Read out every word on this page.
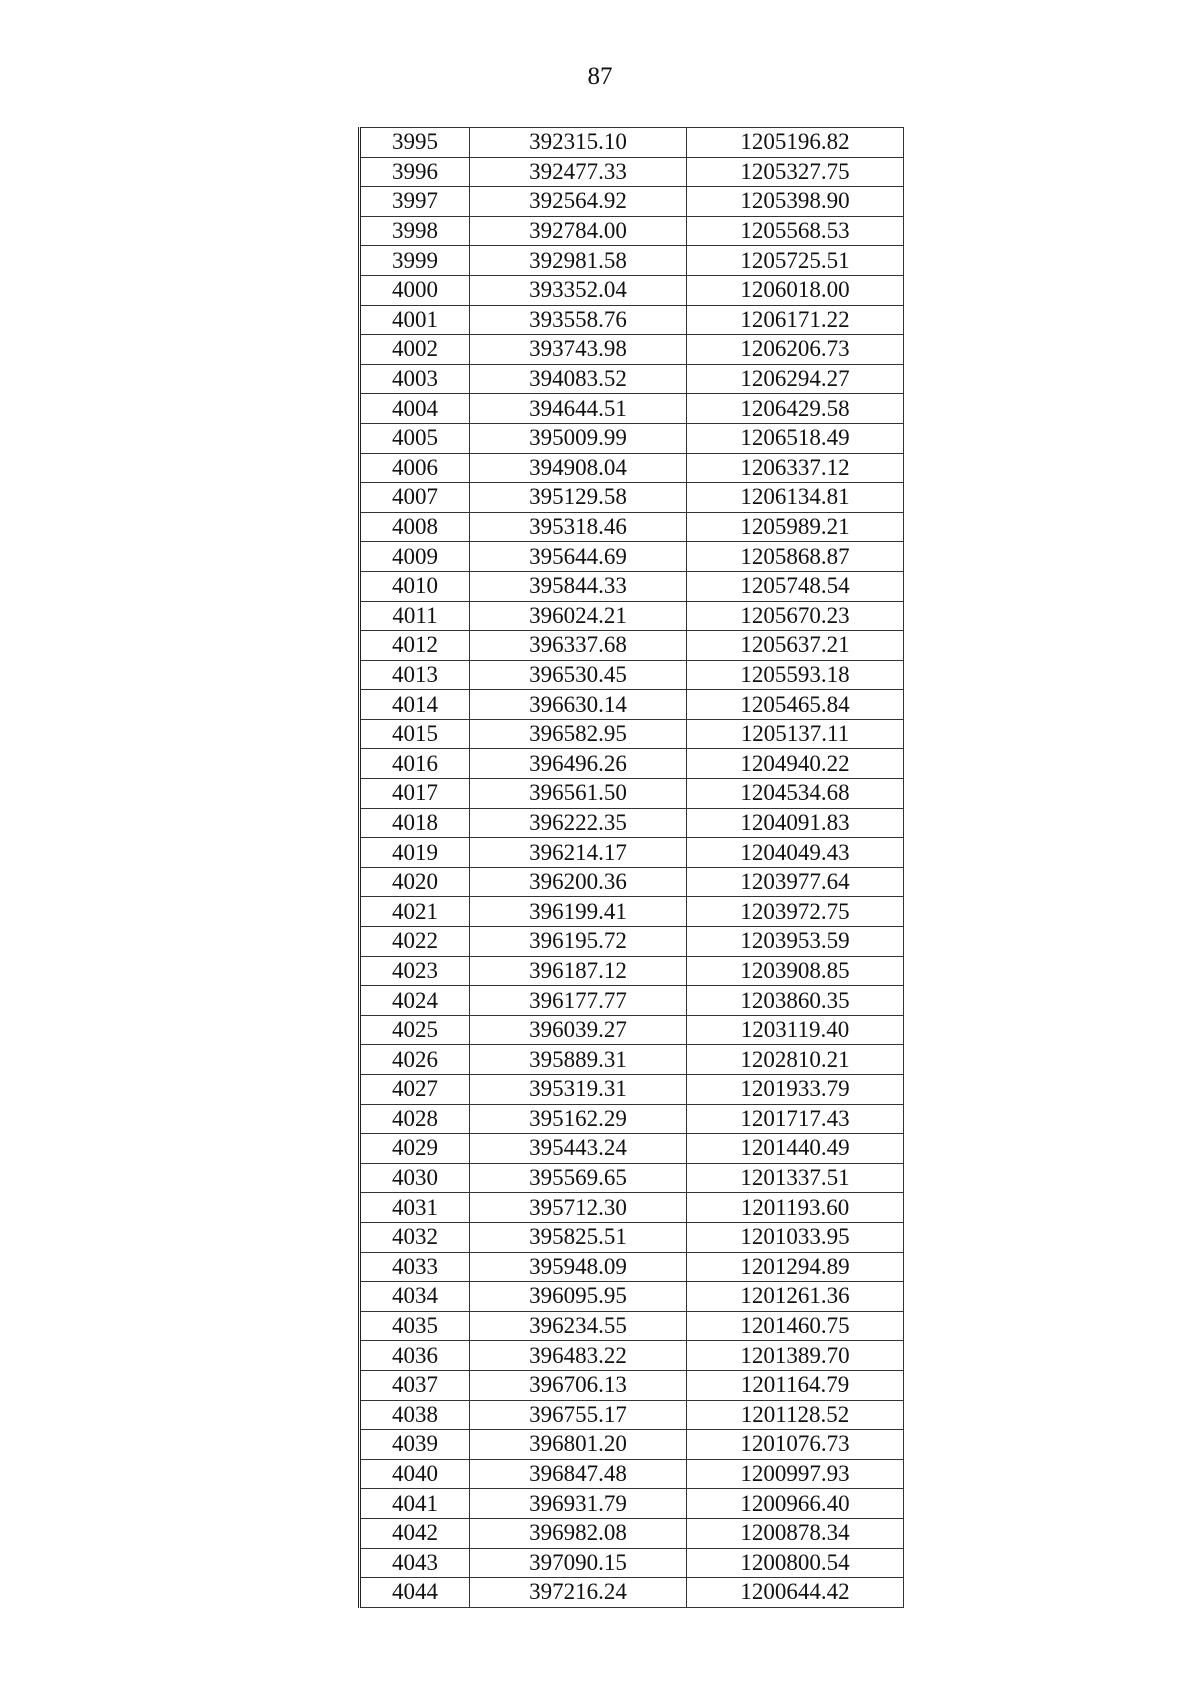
87
3995	392315.10	1205196.82
3996	392477.33	1205327.75
3997	392564.92	1205398.90
3998	392784.00	1205568.53
3999	392981.58	1205725.51
4000	393352.04	1206018.00
4001	393558.76	1206171.22
4002	393743.98	1206206.73
4003	394083.52	1206294.27
4004	394644.51	1206429.58
4005	395009.99	1206518.49
4006	394908.04	1206337.12
4007	395129.58	1206134.81
4008	395318.46	1205989.21
4009	395644.69	1205868.87
4010	395844.33	1205748.54
4011	396024.21	1205670.23
4012	396337.68	1205637.21
4013	396530.45	1205593.18
4014	396630.14	1205465.84
4015	396582.95	1205137.11
4016	396496.26	1204940.22
4017	396561.50	1204534.68
4018	396222.35	1204091.83
4019	396214.17	1204049.43
4020	396200.36	1203977.64
4021	396199.41	1203972.75
4022	396195.72	1203953.59
4023	396187.12	1203908.85
4024	396177.77	1203860.35
4025	396039.27	1203119.40
4026	395889.31	1202810.21
4027	395319.31	1201933.79
4028	395162.29	1201717.43
4029	395443.24	1201440.49
4030	395569.65	1201337.51
4031	395712.30	1201193.60
4032	395825.51	1201033.95
4033	395948.09	1201294.89
4034	396095.95	1201261.36
4035	396234.55	1201460.75
4036	396483.22	1201389.70
4037	396706.13	1201164.79
4038	396755.17	1201128.52
4039	396801.20	1201076.73
4040	396847.48	1200997.93
4041	396931.79	1200966.40
4042	396982.08	1200878.34
4043	397090.15	1200800.54
4044	397216.24	1200644.42
